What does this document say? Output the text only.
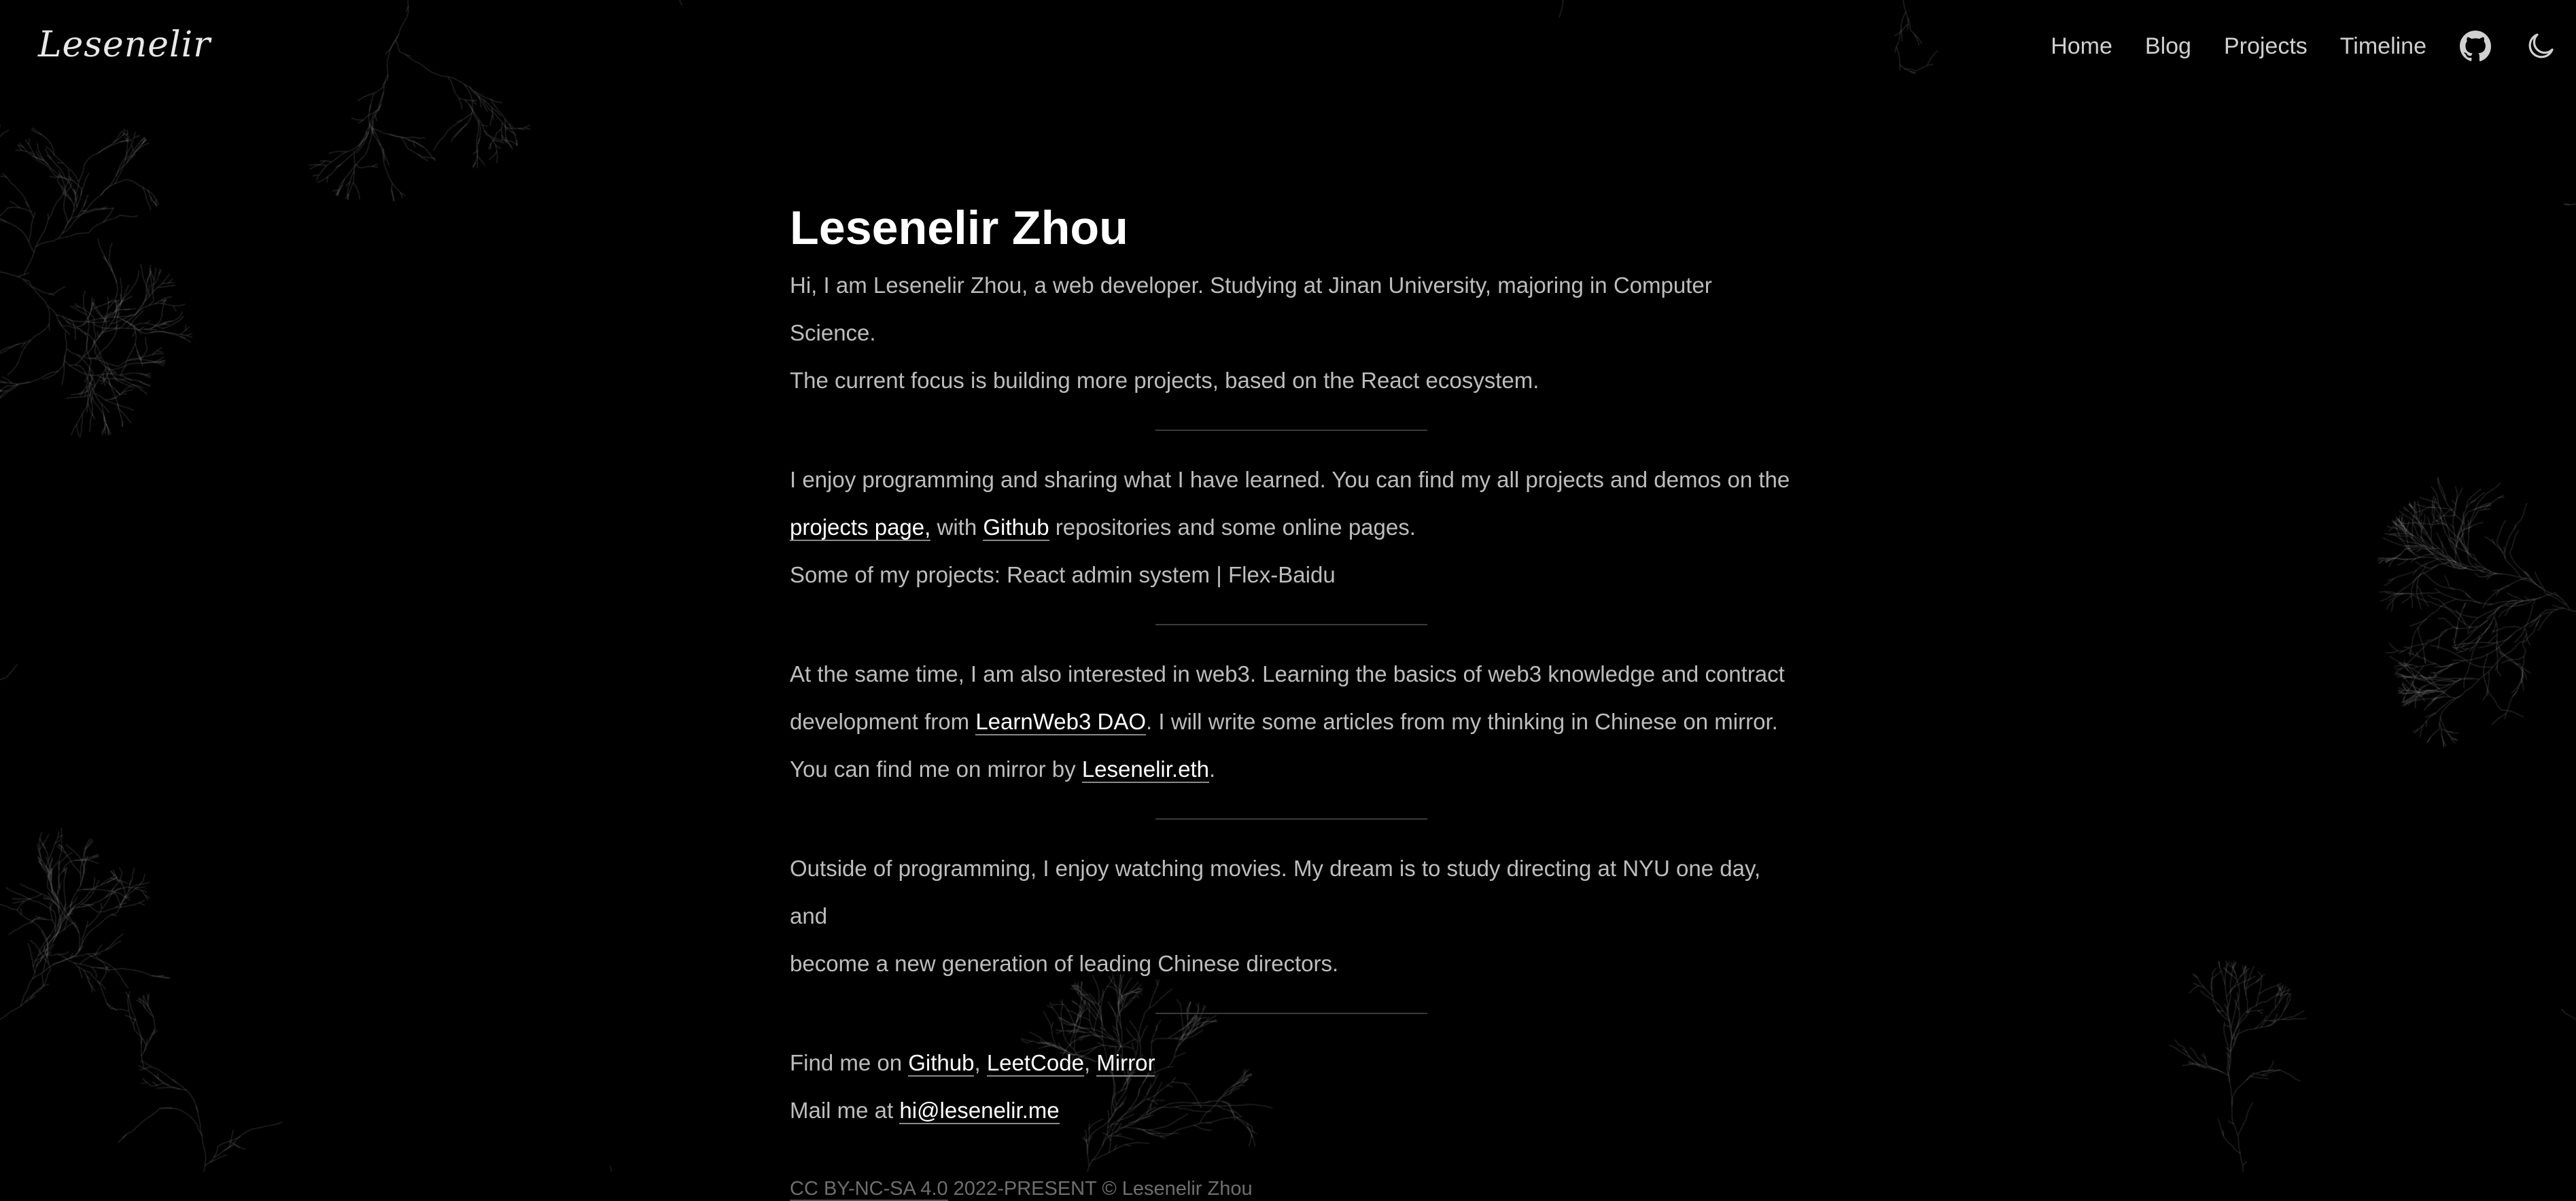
Lesenelir	Home Blog Projects Timeline
Lesenelir Zhou

Hi, I am Lesenelir Zhou, a web developer. Studying at Jinan University, majoring in Computer Science.

The current focus is building more projects, based on the React ecosystem.

I enjoy programming and sharing what I have learned. You can find my all projects and demos on the

projects page, with Github repositories and some online pages.

Some of my projects: React admin system | Flex-Baidu

At the same time, I am also interested in web3. Learning the basics of web3 knowledge and contract

development from LearnWeb3 DAO. I will write some articles from my thinking in Chinese on mirror.

You can find me on mirror by Lesenelir.eth.

Outside of programming, I enjoy watching movies. My dream is to study directing at NYU one day, and

become a new generation of leading Chinese directors.

Find me on Github, LeetCode, Mirror

Mail me at hi@lesenelir.me

CC BY-NC-SA 4.0 2022-PRESENT © Lesenelir Zhou
